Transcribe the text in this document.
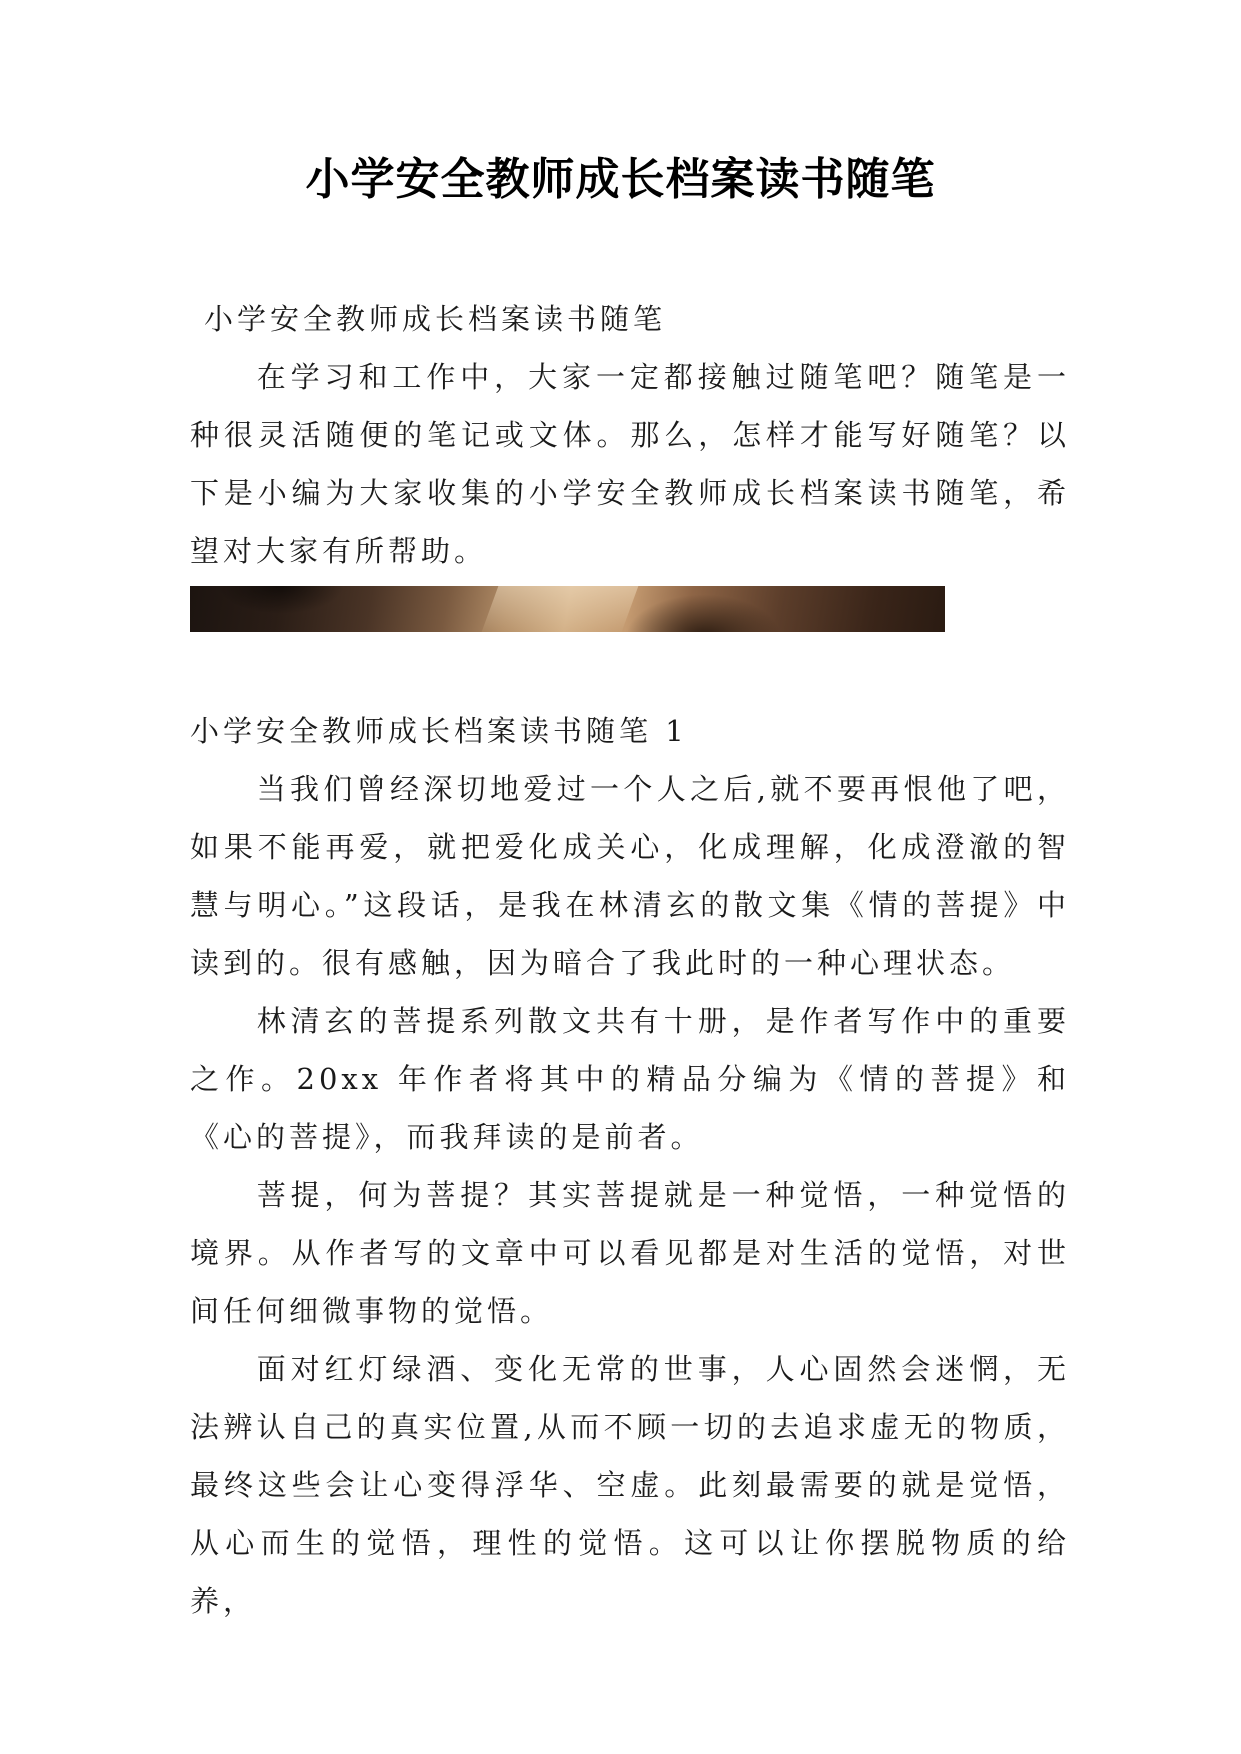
小学安全教师成长档案读书随笔

小学安全教师成长档案读书随笔

在学习和工作中，大家一定都接触过随笔吧？随笔是一种很灵活随便的笔记或文体。那么，怎样才能写好随笔？以下是小编为大家收集的小学安全教师成长档案读书随笔，希望对大家有所帮助。

小学安全教师成长档案读书随笔 1

当我们曾经深切地爱过一个人之后,就不要再恨他了吧，如果不能再爱，就把爱化成关心，化成理解，化成澄澈的智慧与明心。”这段话，是我在林清玄的散文集《情的菩提》中读到的。很有感触，因为暗合了我此时的一种心理状态。

林清玄的菩提系列散文共有十册，是作者写作中的重要之作。20xx 年作者将其中的精品分编为《情的菩提》和《心的菩提》，而我拜读的是前者。

菩提，何为菩提？其实菩提就是一种觉悟，一种觉悟的境界。从作者写的文章中可以看见都是对生活的觉悟，对世间任何细微事物的觉悟。

面对红灯绿酒、变化无常的世事，人心固然会迷惘，无法辨认自己的真实位置,从而不顾一切的去追求虚无的物质，最终这些会让心变得浮华、空虚。此刻最需要的就是觉悟，从心而生的觉悟，理性的觉悟。这可以让你摆脱物质的给养，
